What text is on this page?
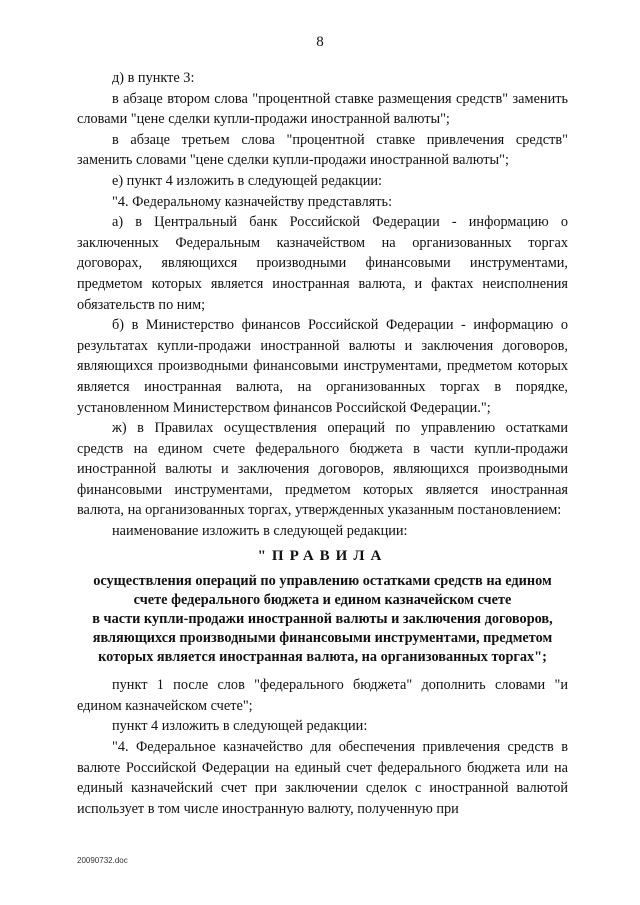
8

д) в пункте 3:

в абзаце втором слова "процентной ставке размещения средств" заменить словами "цене сделки купли-продажи иностранной валюты";

в абзаце третьем слова "процентной ставке привлечения средств" заменить словами "цене сделки купли-продажи иностранной валюты";

е) пункт 4 изложить в следующей редакции:

"4. Федеральному казначейству представлять:

а) в Центральный банк Российской Федерации - информацию о заключенных Федеральным казначейством на организованных торгах договорах, являющихся производными финансовыми инструментами, предметом которых является иностранная валюта, и фактах неисполнения обязательств по ним;

б) в Министерство финансов Российской Федерации - информацию о результатах купли-продажи иностранной валюты и заключения договоров, являющихся производными финансовыми инструментами, предметом которых является иностранная валюта, на организованных торгах в порядке, установленном Министерством финансов Российской Федерации.";

ж) в Правилах осуществления операций по управлению остатками средств на едином счете федерального бюджета в части купли-продажи иностранной валюты и заключения договоров, являющихся производными финансовыми инструментами, предметом которых является иностранная валюта, на организованных торгах, утвержденных указанным постановлением:

наименование изложить в следующей редакции:

"ПРАВИЛА

осуществления операций по управлению остатками средств на едином

счете федерального бюджета и едином казначейском счете

в части купли-продажи иностранной валюты и заключения договоров,

являющихся производными финансовыми инструментами, предметом

которых является иностранная валюта, на организованных торгах";

пункт 1 после слов "федерального бюджета" дополнить словами "и едином казначейском счете";

пункт 4 изложить в следующей редакции:

"4. Федеральное казначейство для обеспечения привлечения средств в валюте Российской Федерации на единый счет федерального бюджета или на единый казначейский счет при заключении сделок с иностранной валютой использует в том числе иностранную валюту, полученную при

20090732.doc
